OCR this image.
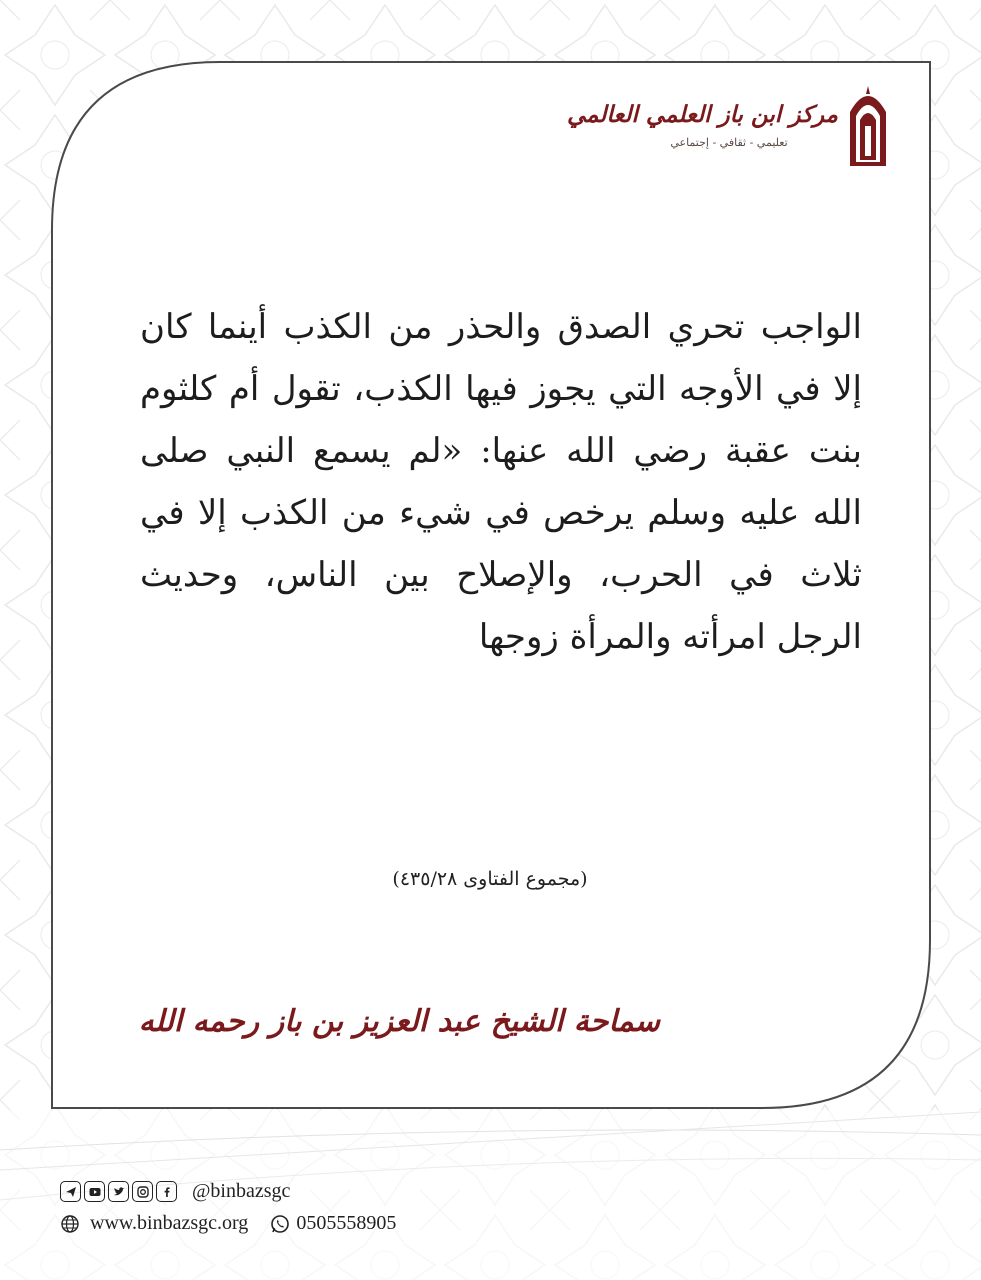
مركز ابن باز العلمي العالمي
تعليمي - ثقافي - إجتماعي

الواجب تحري الصدق والحذر من الكذب أينما كان إلا في الأوجه التي يجوز فيها الكذب، تقول أم كلثوم بنت عقبة رضي الله عنها: «لم يسمع النبي صلى الله عليه وسلم يرخص في شيء من الكذب إلا في ثلاث في الحرب، والإصلاح بين الناس، وحديث الرجل امرأته والمرأة زوجها

(مجموع الفتاوى ٤٣٥/٢٨)
سماحة الشيخ عبد العزيز بن باز رحمه الله
@binbazsgc
www.binbazsgc.org 0505558905
